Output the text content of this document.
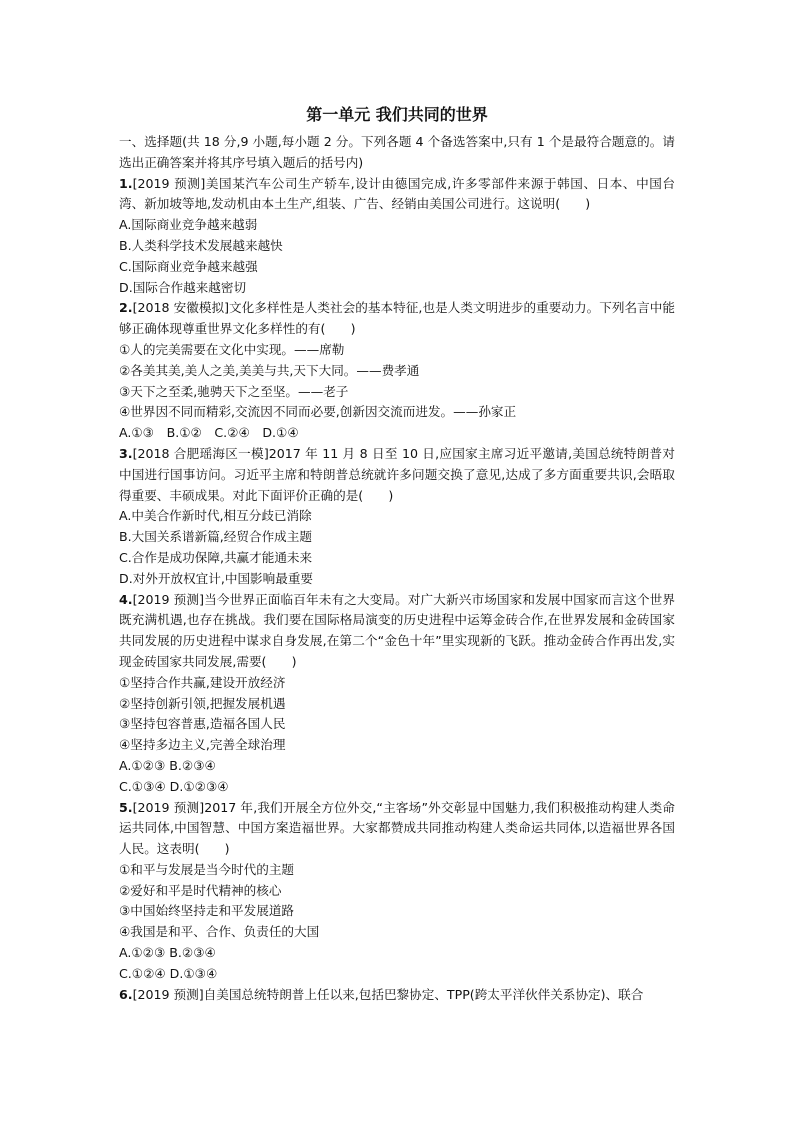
第一单元 我们共同的世界

一、选择题(共 18 分,9 小题,每小题 2 分。下列各题 4 个备选答案中,只有 1 个是最符合题意的。请选出正确答案并将其序号填入题后的括号内)

1.[2019 预测]美国某汽车公司生产轿车,设计由德国完成,许多零部件来源于韩国、日本、中国台湾、新加坡等地,发动机由本土生产,组装、广告、经销由美国公司进行。这说明(　　)

A.国际商业竞争越来越弱

B.人类科学技术发展越来越快

C.国际商业竞争越来越强

D.国际合作越来越密切

2.[2018 安徽模拟]文化多样性是人类社会的基本特征,也是人类文明进步的重要动力。下列名言中能够正确体现尊重世界文化多样性的有(　　)

①人的完美需要在文化中实现。——席勒

②各美其美,美人之美,美美与共,天下大同。——费孝通

③天下之至柔,驰骋天下之至坚。——老子

④世界因不同而精彩,交流因不同而必要,创新因交流而进发。——孙家正

A.①③　B.①②　C.②④　D.①④

3.[2018 合肥瑶海区一模]2017 年 11 月 8 日至 10 日,应国家主席习近平邀请,美国总统特朗普对中国进行国事访问。习近平主席和特朗普总统就许多问题交换了意见,达成了多方面重要共识,会晤取得重要、丰硕成果。对此下面评价正确的是(　　)

A.中美合作新时代,相互分歧已消除

B.大国关系谱新篇,经贸合作成主题

C.合作是成功保障,共赢才能通未来

D.对外开放权宜计,中国影响最重要

4.[2019 预测]当今世界正面临百年未有之大变局。对广大新兴市场国家和发展中国家而言这个世界既充满机遇,也存在挑战。我们要在国际格局演变的历史进程中运筹金砖合作,在世界发展和金砖国家共同发展的历史进程中谋求自身发展,在第二个“金色十年”里实现新的飞跃。推动金砖合作再出发,实现金砖国家共同发展,需要(　　)

①坚持合作共赢,建设开放经济

②坚持创新引领,把握发展机遇

③坚持包容普惠,造福各国人民

④坚持多边主义,完善全球治理

A.①②③ B.②③④

C.①③④ D.①②③④

5.[2019 预测]2017 年,我们开展全方位外交,“主客场”外交彰显中国魅力,我们积极推动构建人类命运共同体,中国智慧、中国方案造福世界。大家都赞成共同推动构建人类命运共同体,以造福世界各国人民。这表明(　　)

①和平与发展是当今时代的主题

②爱好和平是时代精神的核心

③中国始终坚持走和平发展道路

④我国是和平、合作、负责任的大国

A.①②③ B.②③④

C.①②④ D.①③④

6.[2019 预测]自美国总统特朗普上任以来,包括巴黎协定、TPP(跨太平洋伙伴关系协定)、联合
